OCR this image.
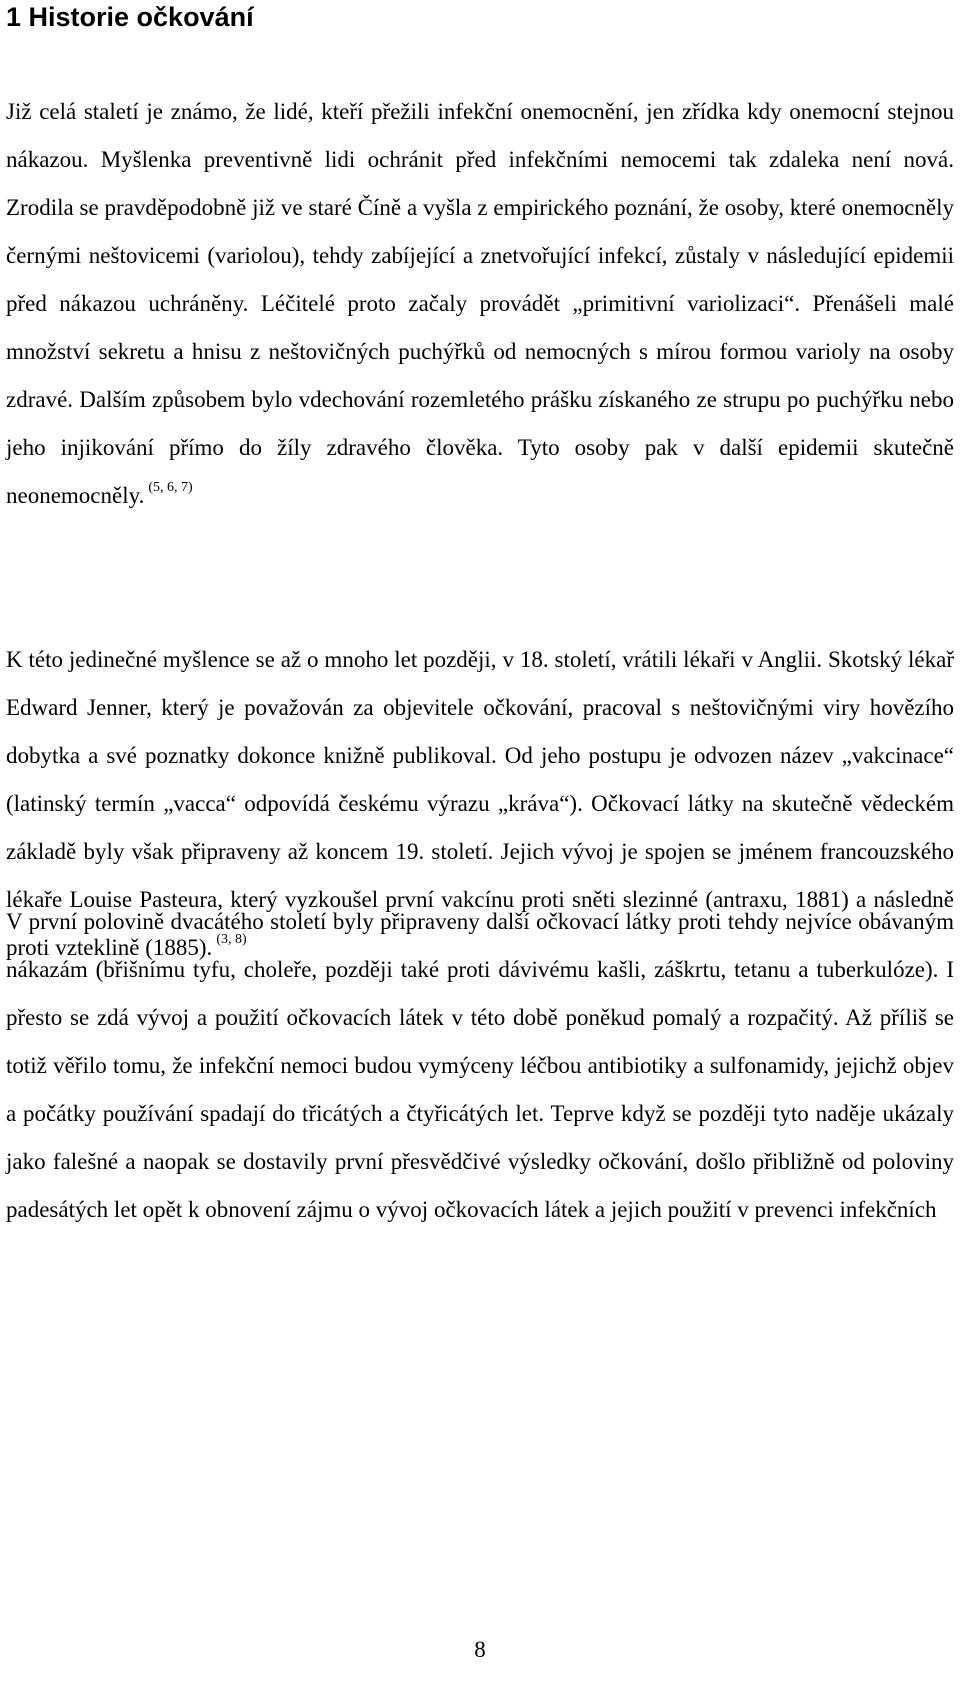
1 Historie očkování

Již celá staletí je známo, že lidé, kteří přežili infekční onemocnění, jen zřídka kdy onemocní stejnou nákazou. Myšlenka preventivně lidi ochránit před infekčními nemocemi tak zdaleka není nová. Zrodila se pravděpodobně již ve staré Číně a vyšla z empirického poznání, že osoby, které onemocněly černými neštovicemi (variolou), tehdy zabíjející a znetvořující infekcí, zůstaly v následující epidemii před nákazou uchráněny. Léčitelé proto začaly provádět „primitivní variolizaci“. Přenášeli malé množství sekretu a hnisu z neštovičných puchýřků od nemocných s mírou formou varioly na osoby zdravé. Dalším způsobem bylo vdechování rozemletého prášku získaného ze strupu po puchýřku nebo jeho injikování přímo do žíly zdravého člověka. Tyto osoby pak v další epidemii skutečně neonemocněly. $^{(5, 6, 7)}$

K této jedinečné myšlence se až o mnoho let později, v 18. století, vrátili lékaři v Anglii. Skotský lékař Edward Jenner, který je považován za objevitele očkování, pracoval s neštovičnými viry hovězího dobytka a své poznatky dokonce knižně publikoval. Od jeho postupu je odvozen název „vakcinace“ (latinský termín „vacca“ odpovídá českému výrazu „kráva“). Očkovací látky na skutečně vědeckém základě byly však připraveny až koncem 19. století. Jejich vývoj je spojen se jménem francouzského lékaře Louise Pasteura, který vyzkoušel první vakcínu proti sněti slezinné (antraxu, 1881) a následně proti vzteklině (1885). $^{(3, 8)}$

V první polovině dvacátého století byly připraveny další očkovací látky proti tehdy nejvíce obávaným nákazám (břišnímu tyfu, choleře, později také proti dávivému kašli, záškrtu, tetanu a tuberkulóze). I přesto se zdá vývoj a použití očkovacích látek v této době poněkud pomalý a rozpačitý. Až příliš se totiž věřilo tomu, že infekční nemoci budou vymýceny léčbou antibiotiky a sulfonamidy, jejichž objev a počátky používání spadají do třicátých a čtyřicátých let. Teprve když se později tyto naděje ukázaly jako falešné a naopak se dostavily první přesvědčivé výsledky očkování, došlo přibližně od poloviny padesátých let opět k obnovení zájmu o vývoj očkovacích látek a jejich použití v prevenci infekčních

8
